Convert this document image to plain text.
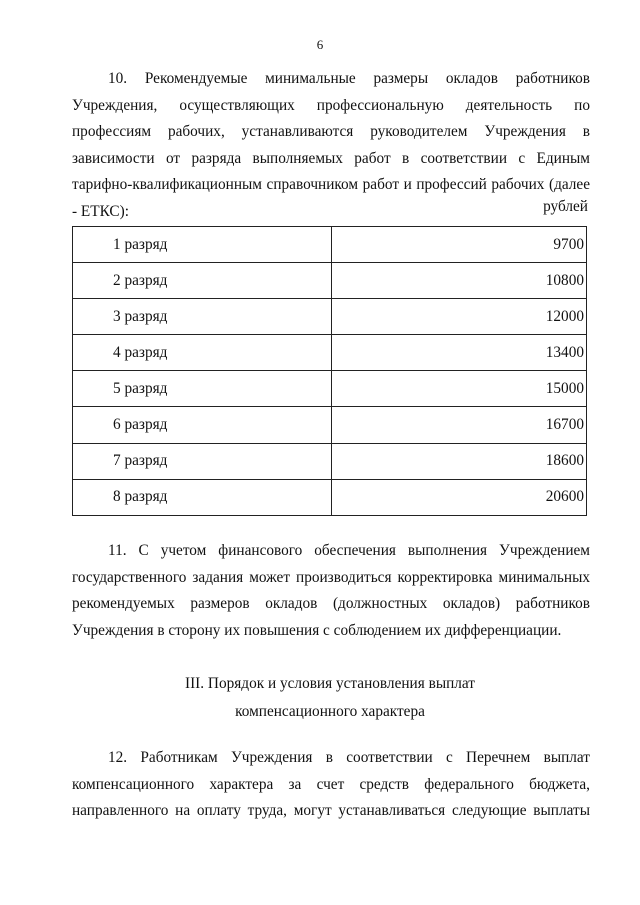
6

10. Рекомендуемые минимальные размеры окладов работников Учреждения, осуществляющих профессиональную деятельность по профессиям рабочих, устанавливаются руководителем Учреждения в зависимости от разряда выполняемых работ в соответствии с Единым тарифно-квалификационным справочником работ и профессий рабочих (далее - ЕТКС):	рублей
1 разряд	9700
2 разряд	10800
3 разряд	12000
4 разряд	13400
5 разряд	15000
6 разряд	16700
7 разряд	18600
8 разряд	20600

11. С учетом финансового обеспечения выполнения Учреждением государственного задания может производиться корректировка минимальных рекомендуемых размеров окладов (должностных окладов) работников Учреждения в сторону их повышения с соблюдением их дифференциации.

III. Порядок и условия установления выплат
компенсационного характера

12. Работникам Учреждения в соответствии с Перечнем выплат компенсационного характера за счет средств федерального бюджета, направленного на оплату труда, могут устанавливаться следующие выплаты
